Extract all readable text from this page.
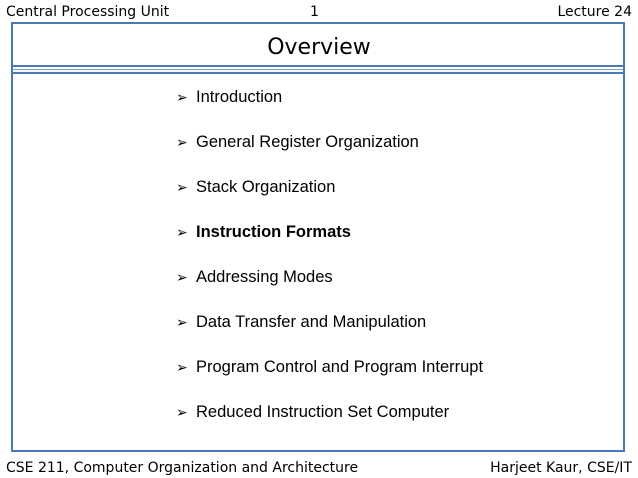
Central Processing Unit	1	Lecture 24
Overview
➢ Introduction
➢ General Register Organization
➢ Stack Organization
➢ Instruction Formats
➢ Addressing Modes
➢ Data Transfer and Manipulation
➢ Program Control and Program Interrupt
➢ Reduced Instruction Set Computer
CSE 211, Computer Organization and Architecture	Harjeet Kaur, CSE/IT
